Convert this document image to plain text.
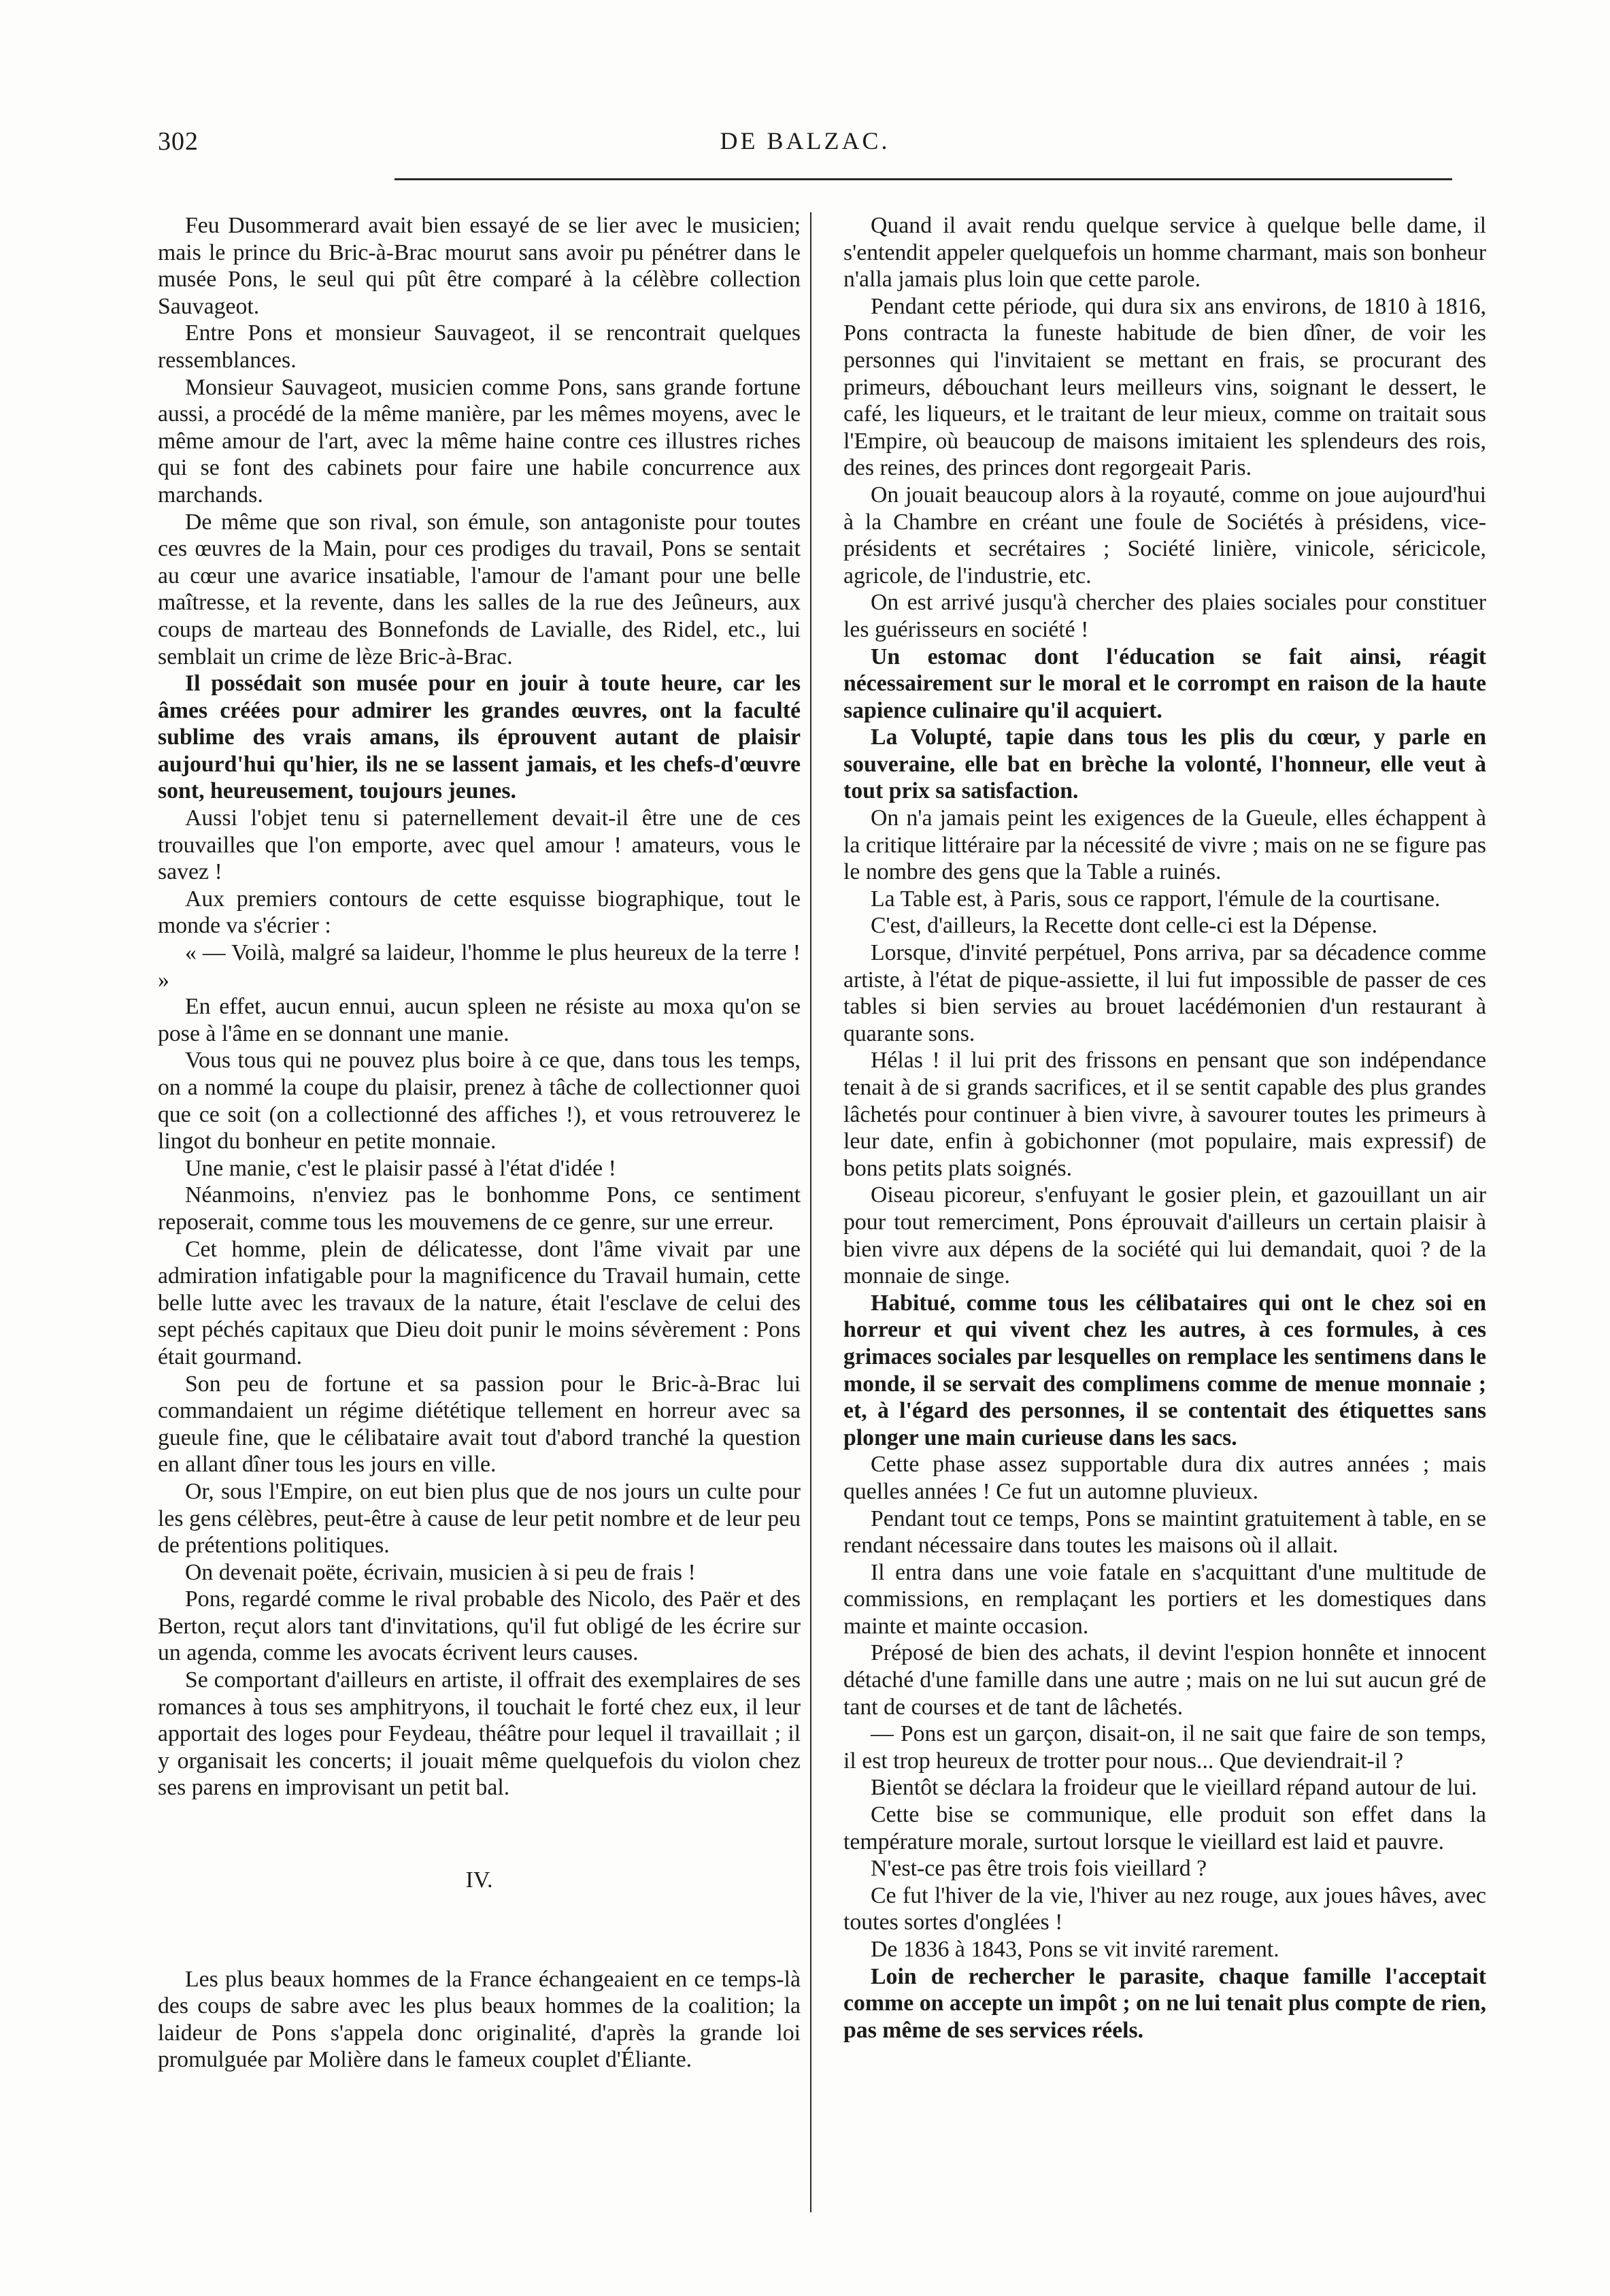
302	DE BALZAC.

Feu Dusommerard avait bien essayé de se lier avec le musicien; mais le prince du Bric-à-Brac mourut sans avoir pu pénétrer dans le musée Pons, le seul qui pût être comparé à la célèbre collection Sauvageot.

Entre Pons et monsieur Sauvageot, il se rencontrait quelques ressemblances.

Monsieur Sauvageot, musicien comme Pons, sans grande fortune aussi, a procédé de la même manière, par les mêmes moyens, avec le même amour de l'art, avec la même haine contre ces illustres riches qui se font des cabinets pour faire une habile concurrence aux marchands.

De même que son rival, son émule, son antagoniste pour toutes ces œuvres de la Main, pour ces prodiges du travail, Pons se sentait au cœur une avarice insatiable, l'amour de l'amant pour une belle maîtresse, et la revente, dans les salles de la rue des Jeûneurs, aux coups de marteau des Bonnefonds de Lavialle, des Ridel, etc., lui semblait un crime de lèze Bric-à-Brac.

Il possédait son musée pour en jouir à toute heure, car les âmes créées pour admirer les grandes œuvres, ont la faculté sublime des vrais amans, ils éprouvent autant de plaisir aujourd'hui qu'hier, ils ne se lassent jamais, et les chefs-d'œuvre sont, heureusement, toujours jeunes.

Aussi l'objet tenu si paternellement devait-il être une de ces trouvailles que l'on emporte, avec quel amour ! amateurs, vous le savez !

Aux premiers contours de cette esquisse biographique, tout le monde va s'écrier :

« — Voilà, malgré sa laideur, l'homme le plus heureux de la terre ! »

En effet, aucun ennui, aucun spleen ne résiste au moxa qu'on se pose à l'âme en se donnant une manie.

Vous tous qui ne pouvez plus boire à ce que, dans tous les temps, on a nommé la coupe du plaisir, prenez à tâche de collectionner quoi que ce soit (on a collectionné des affiches !), et vous retrouverez le lingot du bonheur en petite monnaie.

Une manie, c'est le plaisir passé à l'état d'idée !

Néanmoins, n'enviez pas le bonhomme Pons, ce sentiment reposerait, comme tous les mouvemens de ce genre, sur une erreur.

Cet homme, plein de délicatesse, dont l'âme vivait par une admiration infatigable pour la magnificence du Travail humain, cette belle lutte avec les travaux de la nature, était l'esclave de celui des sept péchés capitaux que Dieu doit punir le moins sévèrement : Pons était gourmand.

Son peu de fortune et sa passion pour le Bric-à-Brac lui commandaient un régime diététique tellement en horreur avec sa gueule fine, que le célibataire avait tout d'abord tranché la question en allant dîner tous les jours en ville.

Or, sous l'Empire, on eut bien plus que de nos jours un culte pour les gens célèbres, peut-être à cause de leur petit nombre et de leur peu de prétentions politiques.

On devenait poëte, écrivain, musicien à si peu de frais !

Pons, regardé comme le rival probable des Nicolo, des Paër et des Berton, reçut alors tant d'invitations, qu'il fut obligé de les écrire sur un agenda, comme les avocats écrivent leurs causes.

Se comportant d'ailleurs en artiste, il offrait des exemplaires de ses romances à tous ses amphitryons, il touchait le forté chez eux, il leur apportait des loges pour Feydeau, théâtre pour lequel il travaillait ; il y organisait les concerts; il jouait même quelquefois du violon chez ses parens en improvisant un petit bal.

IV.

Les plus beaux hommes de la France échangeaient en ce temps-là des coups de sabre avec les plus beaux hommes de la coalition; la laideur de Pons s'appela donc originalité, d'après la grande loi promulguée par Molière dans le fameux couplet d'Éliante.

Quand il avait rendu quelque service à quelque belle dame, il s'entendit appeler quelquefois un homme charmant, mais son bonheur n'alla jamais plus loin que cette parole.

Pendant cette période, qui dura six ans environs, de 1810 à 1816, Pons contracta la funeste habitude de bien dîner, de voir les personnes qui l'invitaient se mettant en frais, se procurant des primeurs, débouchant leurs meilleurs vins, soignant le dessert, le café, les liqueurs, et le traitant de leur mieux, comme on traitait sous l'Empire, où beaucoup de maisons imitaient les splendeurs des rois, des reines, des princes dont regorgeait Paris.

On jouait beaucoup alors à la royauté, comme on joue aujourd'hui à la Chambre en créant une foule de Sociétés à présidens, vice-présidents et secrétaires ; Société linière, vinicole, séricicole, agricole, de l'industrie, etc.

On est arrivé jusqu'à chercher des plaies sociales pour constituer les guérisseurs en société !

Un estomac dont l'éducation se fait ainsi, réagit nécessairement sur le moral et le corrompt en raison de la haute sapience culinaire qu'il acquiert.

La Volupté, tapie dans tous les plis du cœur, y parle en souveraine, elle bat en brèche la volonté, l'honneur, elle veut à tout prix sa satisfaction.

On n'a jamais peint les exigences de la Gueule, elles échappent à la critique littéraire par la nécessité de vivre ; mais on ne se figure pas le nombre des gens que la Table a ruinés.

La Table est, à Paris, sous ce rapport, l'émule de la courtisane.

C'est, d'ailleurs, la Recette dont celle-ci est la Dépense.

Lorsque, d'invité perpétuel, Pons arriva, par sa décadence comme artiste, à l'état de pique-assiette, il lui fut impossible de passer de ces tables si bien servies au brouet lacédémonien d'un restaurant à quarante sons.

Hélas ! il lui prit des frissons en pensant que son indépendance tenait à de si grands sacrifices, et il se sentit capable des plus grandes lâchetés pour continuer à bien vivre, à savourer toutes les primeurs à leur date, enfin à gobichonner (mot populaire, mais expressif) de bons petits plats soignés.

Oiseau picoreur, s'enfuyant le gosier plein, et gazouillant un air pour tout remerciment, Pons éprouvait d'ailleurs un certain plaisir à bien vivre aux dépens de la société qui lui demandait, quoi ? de la monnaie de singe.

Habitué, comme tous les célibataires qui ont le chez soi en horreur et qui vivent chez les autres, à ces formules, à ces grimaces sociales par lesquelles on remplace les sentimens dans le monde, il se servait des complimens comme de menue monnaie ; et, à l'égard des personnes, il se contentait des étiquettes sans plonger une main curieuse dans les sacs.

Cette phase assez supportable dura dix autres années ; mais quelles années ! Ce fut un automne pluvieux.

Pendant tout ce temps, Pons se maintint gratuitement à table, en se rendant nécessaire dans toutes les maisons où il allait.

Il entra dans une voie fatale en s'acquittant d'une multitude de commissions, en remplaçant les portiers et les domestiques dans mainte et mainte occasion.

Préposé de bien des achats, il devint l'espion honnête et innocent détaché d'une famille dans une autre ; mais on ne lui sut aucun gré de tant de courses et de tant de lâchetés.

— Pons est un garçon, disait-on, il ne sait que faire de son temps, il est trop heureux de trotter pour nous... Que deviendrait-il ?

Bientôt se déclara la froideur que le vieillard répand autour de lui.

Cette bise se communique, elle produit son effet dans la température morale, surtout lorsque le vieillard est laid et pauvre.

N'est-ce pas être trois fois vieillard ?

Ce fut l'hiver de la vie, l'hiver au nez rouge, aux joues hâves, avec toutes sortes d'onglées !

De 1836 à 1843, Pons se vit invité rarement.

Loin de rechercher le parasite, chaque famille l'acceptait comme on accepte un impôt ; on ne lui tenait plus compte de rien, pas même de ses services réels.
